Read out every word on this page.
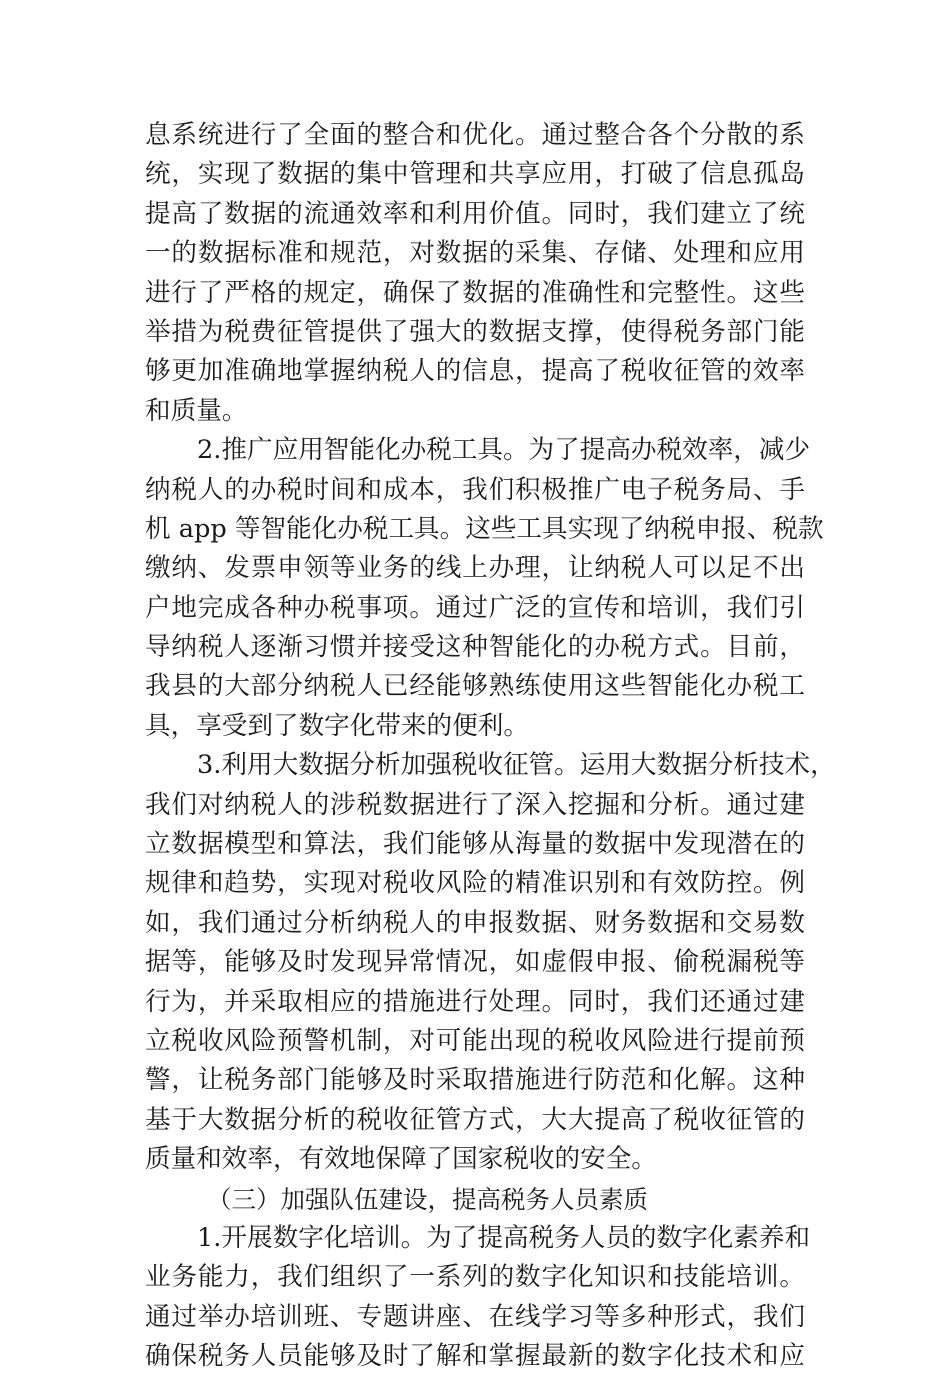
息系统进行了全面的整合和优化。通过整合各个分散的系
统，实现了数据的集中管理和共享应用，打破了信息孤岛
提高了数据的流通效率和利用价值。同时，我们建立了统
一的数据标准和规范，对数据的采集、存储、处理和应用
进行了严格的规定，确保了数据的准确性和完整性。这些
举措为税费征管提供了强大的数据支撑，使得税务部门能
够更加准确地掌握纳税人的信息，提高了税收征管的效率
和质量。
2.推广应用智能化办税工具。为了提高办税效率，减少
纳税人的办税时间和成本，我们积极推广电子税务局、手
机 app 等智能化办税工具。这些工具实现了纳税申报、税款
缴纳、发票申领等业务的线上办理，让纳税人可以足不出
户地完成各种办税事项。通过广泛的宣传和培训，我们引
导纳税人逐渐习惯并接受这种智能化的办税方式。目前，
我县的大部分纳税人已经能够熟练使用这些智能化办税工
具，享受到了数字化带来的便利。
3.利用大数据分析加强税收征管。运用大数据分析技术，
我们对纳税人的涉税数据进行了深入挖掘和分析。通过建
立数据模型和算法，我们能够从海量的数据中发现潜在的
规律和趋势，实现对税收风险的精准识别和有效防控。例
如，我们通过分析纳税人的申报数据、财务数据和交易数
据等，能够及时发现异常情况，如虚假申报、偷税漏税等
行为，并采取相应的措施进行处理。同时，我们还通过建
立税收风险预警机制，对可能出现的税收风险进行提前预
警，让税务部门能够及时采取措施进行防范和化解。这种
基于大数据分析的税收征管方式，大大提高了税收征管的
质量和效率，有效地保障了国家税收的安全。
（三）加强队伍建设，提高税务人员素质
1.开展数字化培训。为了提高税务人员的数字化素养和
业务能力，我们组织了一系列的数字化知识和技能培训。
通过举办培训班、专题讲座、在线学习等多种形式，我们
确保税务人员能够及时了解和掌握最新的数字化技术和应
